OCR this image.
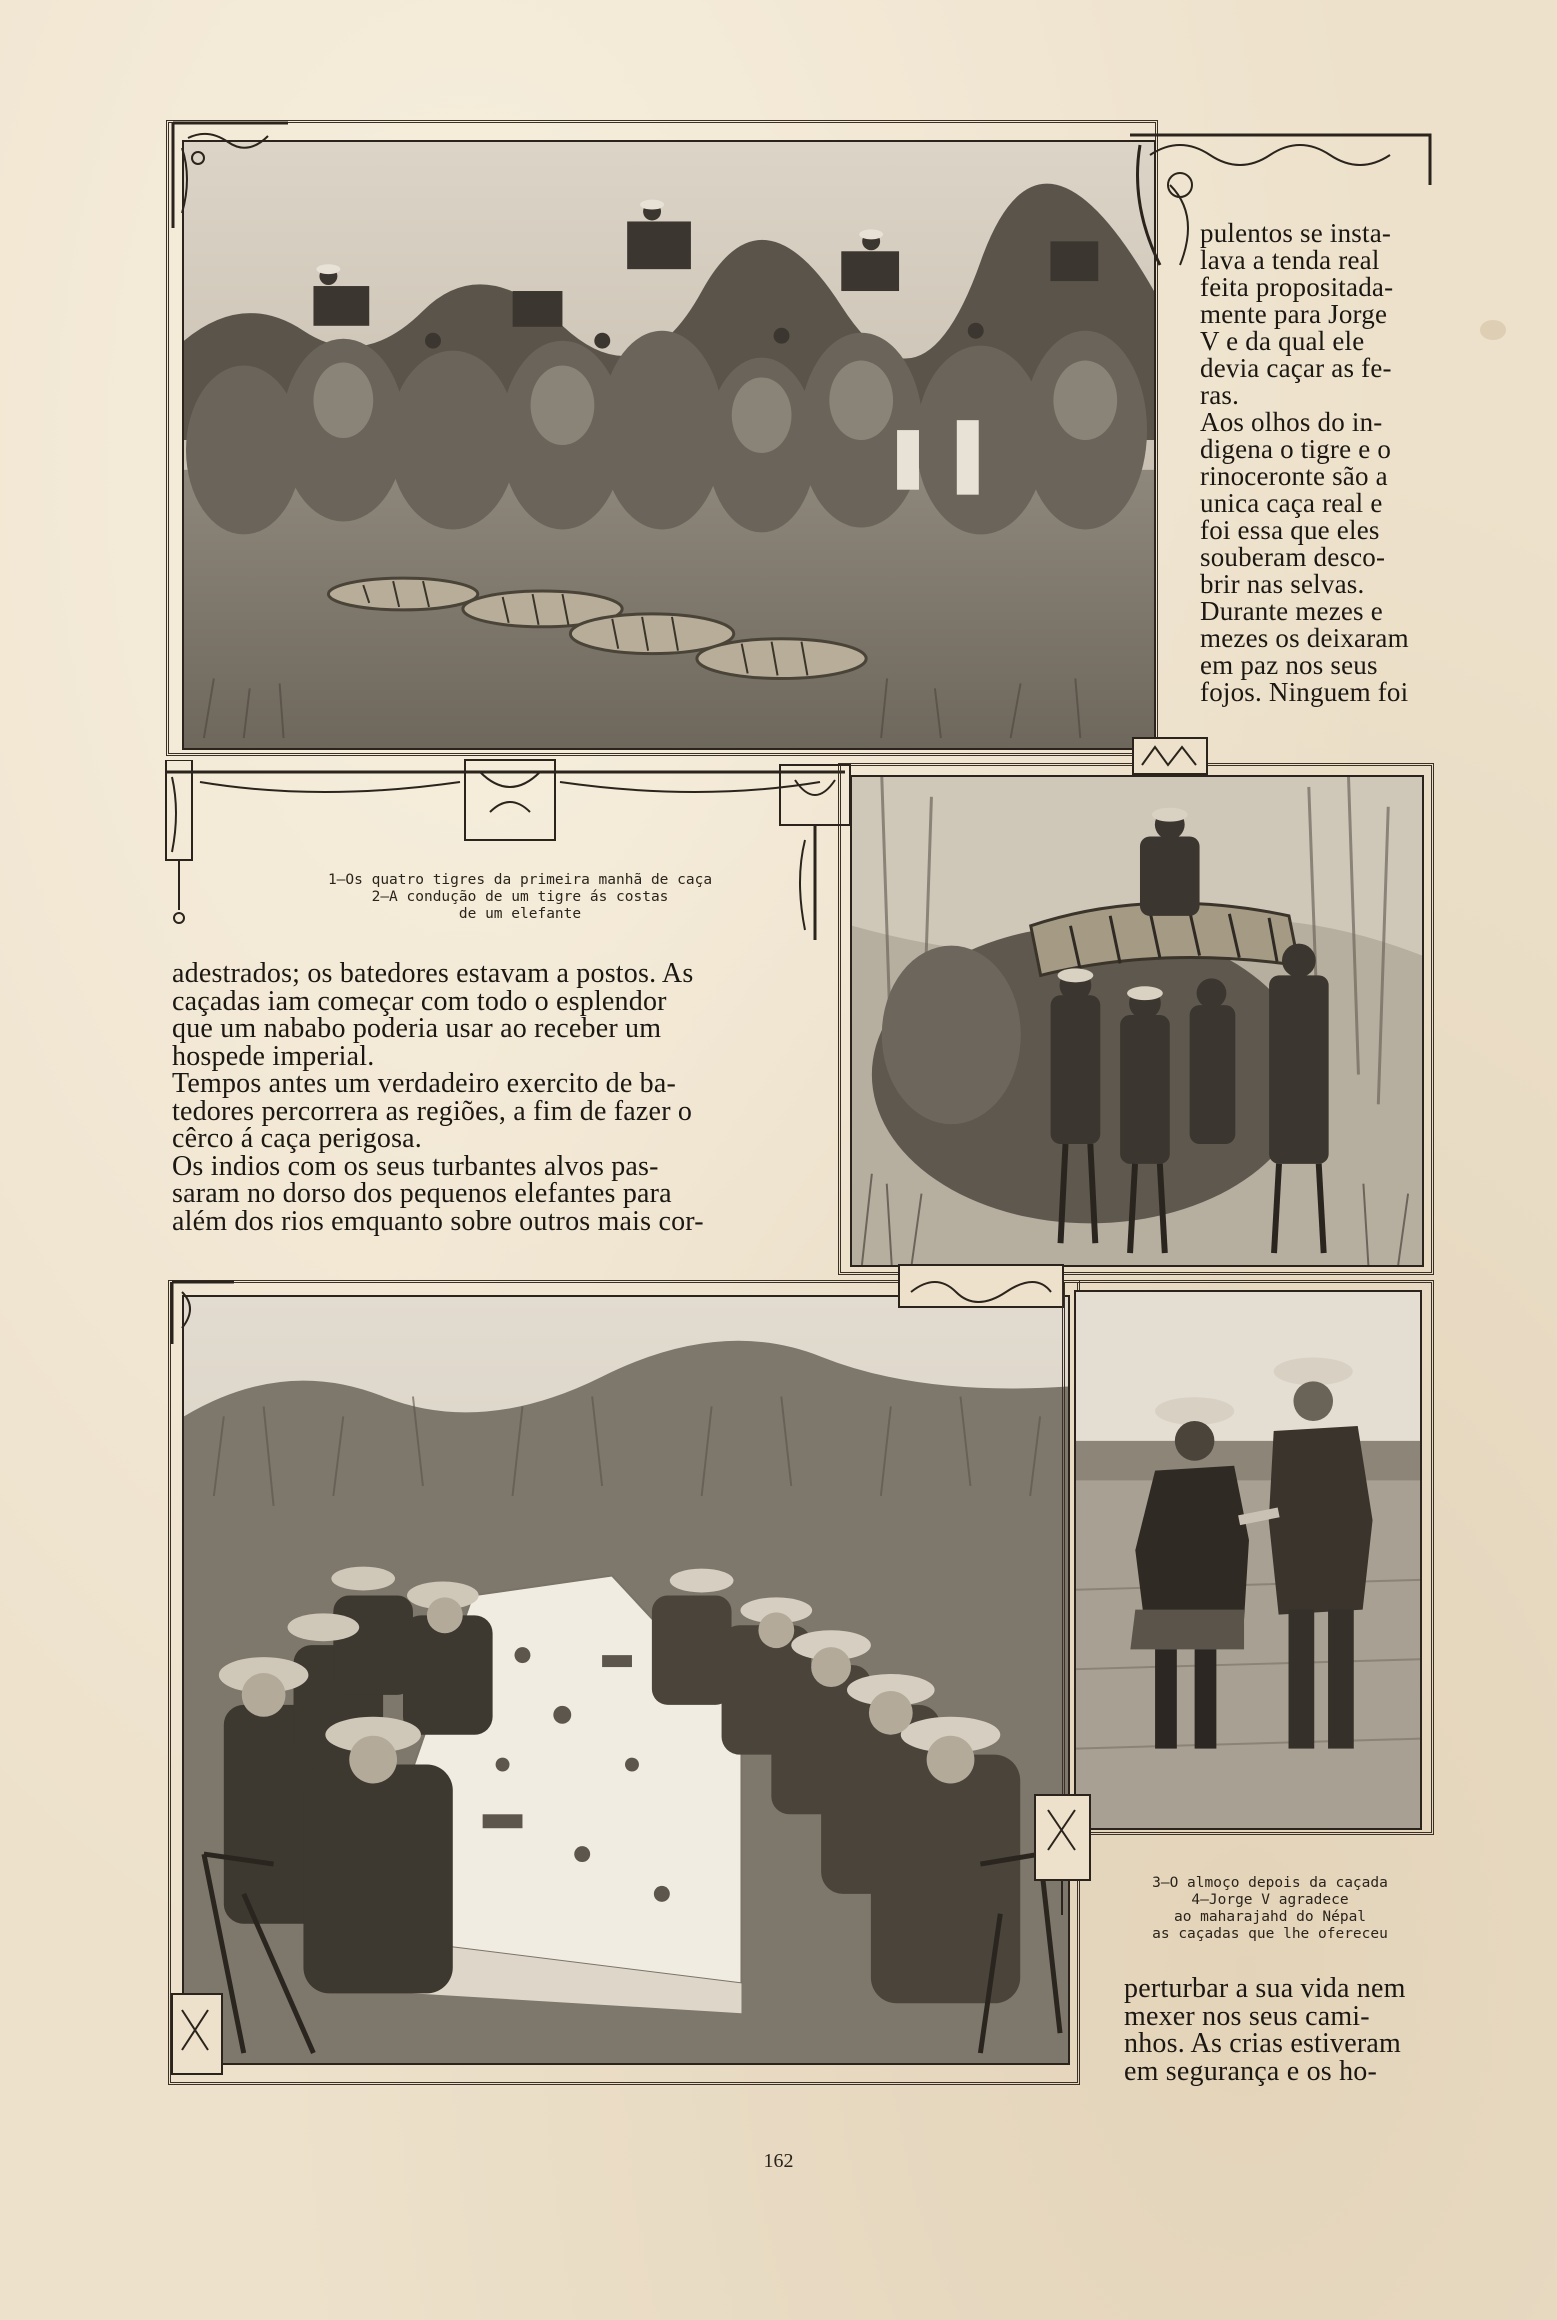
pulentos se insta-
lava a tenda real
feita propositada-
mente para Jorge
V e da qual ele
devia caçar as fe-
ras.
Aos olhos do in-
digena o tigre e o
rinoceronte são a
unica caça real e
foi essa que eles
souberam desco-
brir nas selvas.
Durante mezes e
mezes os deixaram
em paz nos seus
fojos. Ninguem foi
1—Os quatro tigres da primeira manhã de caça
2—A condução de um tigre ás costas
de um elefante
adestrados; os batedores estavam a postos. As
caçadas iam começar com todo o esplendor
que um nababo poderia usar ao receber um
hospede imperial.
Tempos antes um verdadeiro exercito de ba-
tedores percorrera as regiões, a fim de fazer o
cêrco á caça perigosa.
Os indios com os seus turbantes alvos pas-
saram no dorso dos pequenos elefantes para
além dos rios emquanto sobre outros mais cor-
3—O almoço depois da caçada
4—Jorge V agradece
ao maharajahd do Népal
as caçadas que lhe ofereceu
perturbar a sua vida nem
mexer nos seus cami-
nhos. As crias estiveram
em segurança e os ho-
162
